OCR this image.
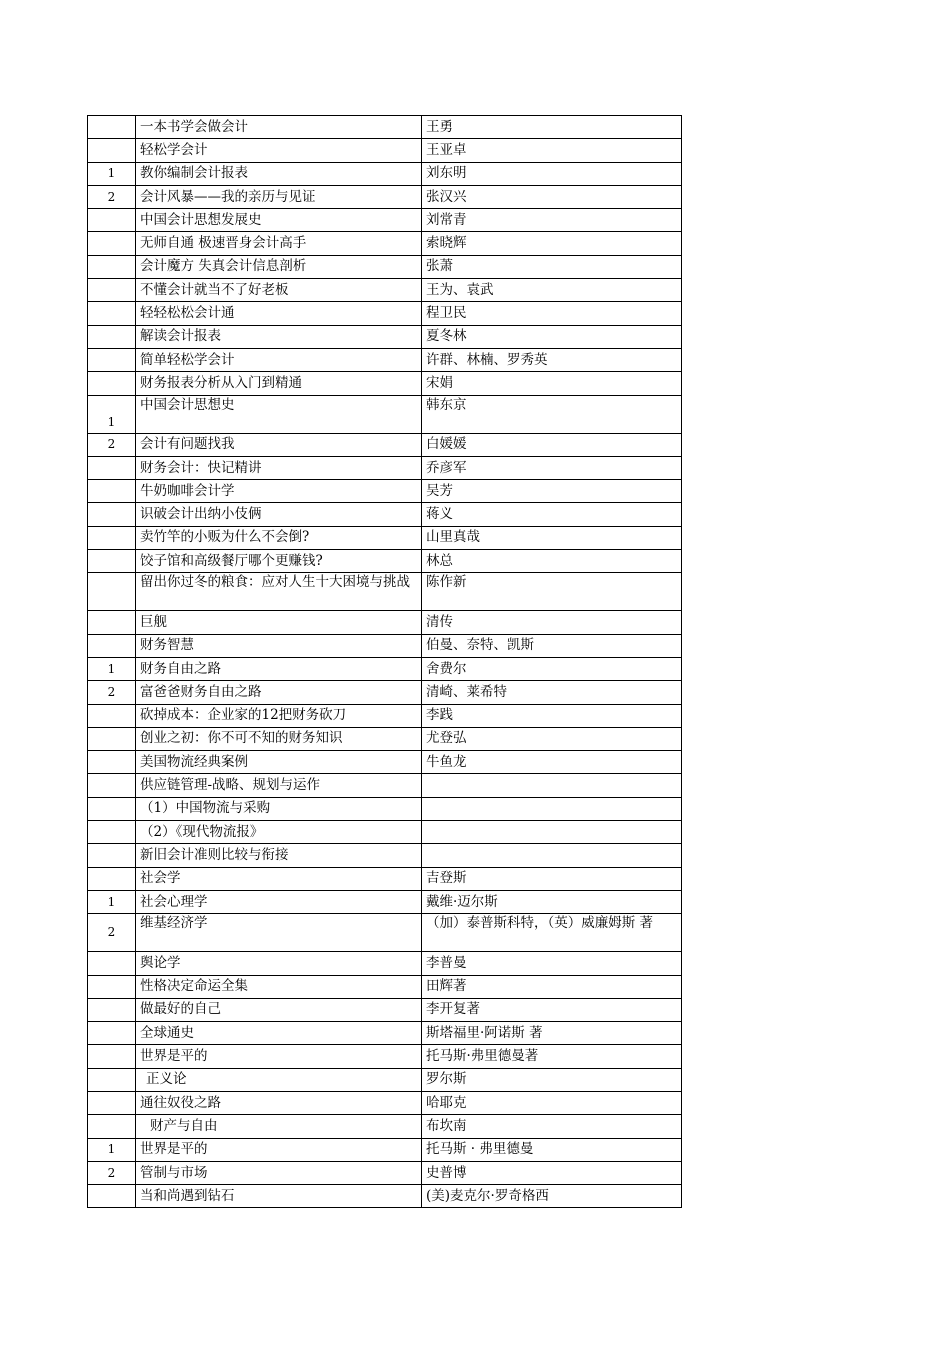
	一本书学会做会计	王勇
	轻松学会计	王亚卓
1	教你编制会计报表	刘东明
2	会计风暴——我的亲历与见证	张汉兴
	中国会计思想发展史	刘常青
	无师自通 极速晋身会计高手	索晓辉
	会计魔方 失真会计信息剖析	张萧
	不懂会计就当不了好老板	王为、袁武
	轻轻松松会计通	程卫民
	解读会计报表	夏冬林
	简单轻松学会计	许群、林楠、罗秀英
	财务报表分析从入门到精通	宋娟
1	中国会计思想史	韩东京
2	会计有问题找我	白媛媛
	财务会计：快记精讲	乔彦军
	牛奶咖啡会计学	吴芳
	识破会计出纳小伎俩	蒋义
	卖竹竿的小贩为什么不会倒?	山里真哉
	饺子馆和高级餐厅哪个更赚钱?	林总
	留出你过冬的粮食：应对人生十大困境与挑战	陈作新
	巨舰	清传
	财务智慧	伯曼、奈特、凯斯
1	财务自由之路	舍费尔
2	富爸爸财务自由之路	清崎、莱希特
	砍掉成本：企业家的12把财务砍刀	李践
	创业之初：你不可不知的财务知识	尤登弘
	美国物流经典案例	牛鱼龙
	供应链管理-战略、规划与运作	
	（1）中国物流与采购	
	（2）《现代物流报》	
	新旧会计准则比较与衔接	
	社会学	吉登斯
1	社会心理学	戴维·迈尔斯
2	维基经济学	（加）泰普斯科特，（英）威廉姆斯 著
	舆论学	李普曼
	性格决定命运全集	田辉著
	做最好的自己	李开复著
	全球通史	斯塔福里·阿诺斯 著
	世界是平的	托马斯·弗里德曼著
	正义论	罗尔斯
	通往奴役之路	哈耶克
	财产与自由	布坎南
1	世界是平的	托马斯 · 弗里德曼
2	管制与市场	史普博
	当和尚遇到钻石	(美)麦克尔·罗奇格西
